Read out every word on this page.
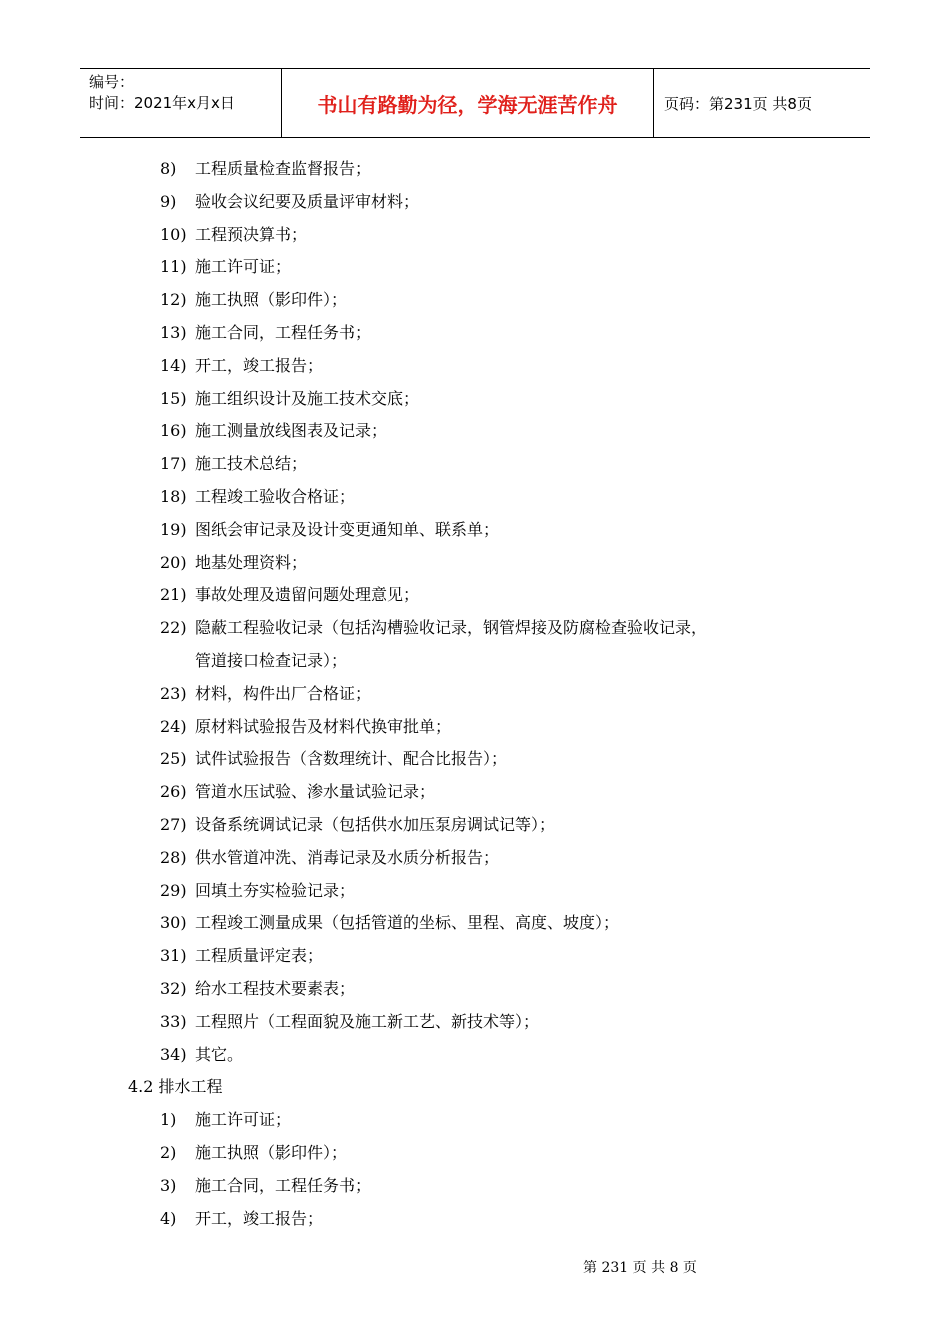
编号：
时间：2021年x月x日	书山有路勤为径，学海无涯苦作舟	页码：第231页 共8页
8) 工程质量检查监督报告；
9) 验收会议纪要及质量评审材料；
10) 工程预决算书；
11) 施工许可证；
12) 施工执照（影印件）；
13) 施工合同，工程任务书；
14) 开工，竣工报告；
15) 施工组织设计及施工技术交底；
16) 施工测量放线图表及记录；
17) 施工技术总结；
18) 工程竣工验收合格证；
19) 图纸会审记录及设计变更通知单、联系单；
20) 地基处理资料；
21) 事故处理及遗留问题处理意见；
22) 隐蔽工程验收记录（包括沟槽验收记录，钢管焊接及防腐检查验收记录，
管道接口检查记录）；
23) 材料，构件出厂合格证；
24) 原材料试验报告及材料代换审批单；
25) 试件试验报告（含数理统计、配合比报告）；
26) 管道水压试验、渗水量试验记录；
27) 设备系统调试记录（包括供水加压泵房调试记等）；
28) 供水管道冲洗、消毒记录及水质分析报告；
29) 回填土夯实检验记录；
30) 工程竣工测量成果（包括管道的坐标、里程、高度、坡度）；
31) 工程质量评定表；
32) 给水工程技术要素表；
33) 工程照片（工程面貌及施工新工艺、新技术等）；
34) 其它。
4.2 排水工程
1) 施工许可证；
2) 施工执照（影印件）；
3) 施工合同，工程任务书；
4) 开工，竣工报告；
第 231 页 共 8 页
